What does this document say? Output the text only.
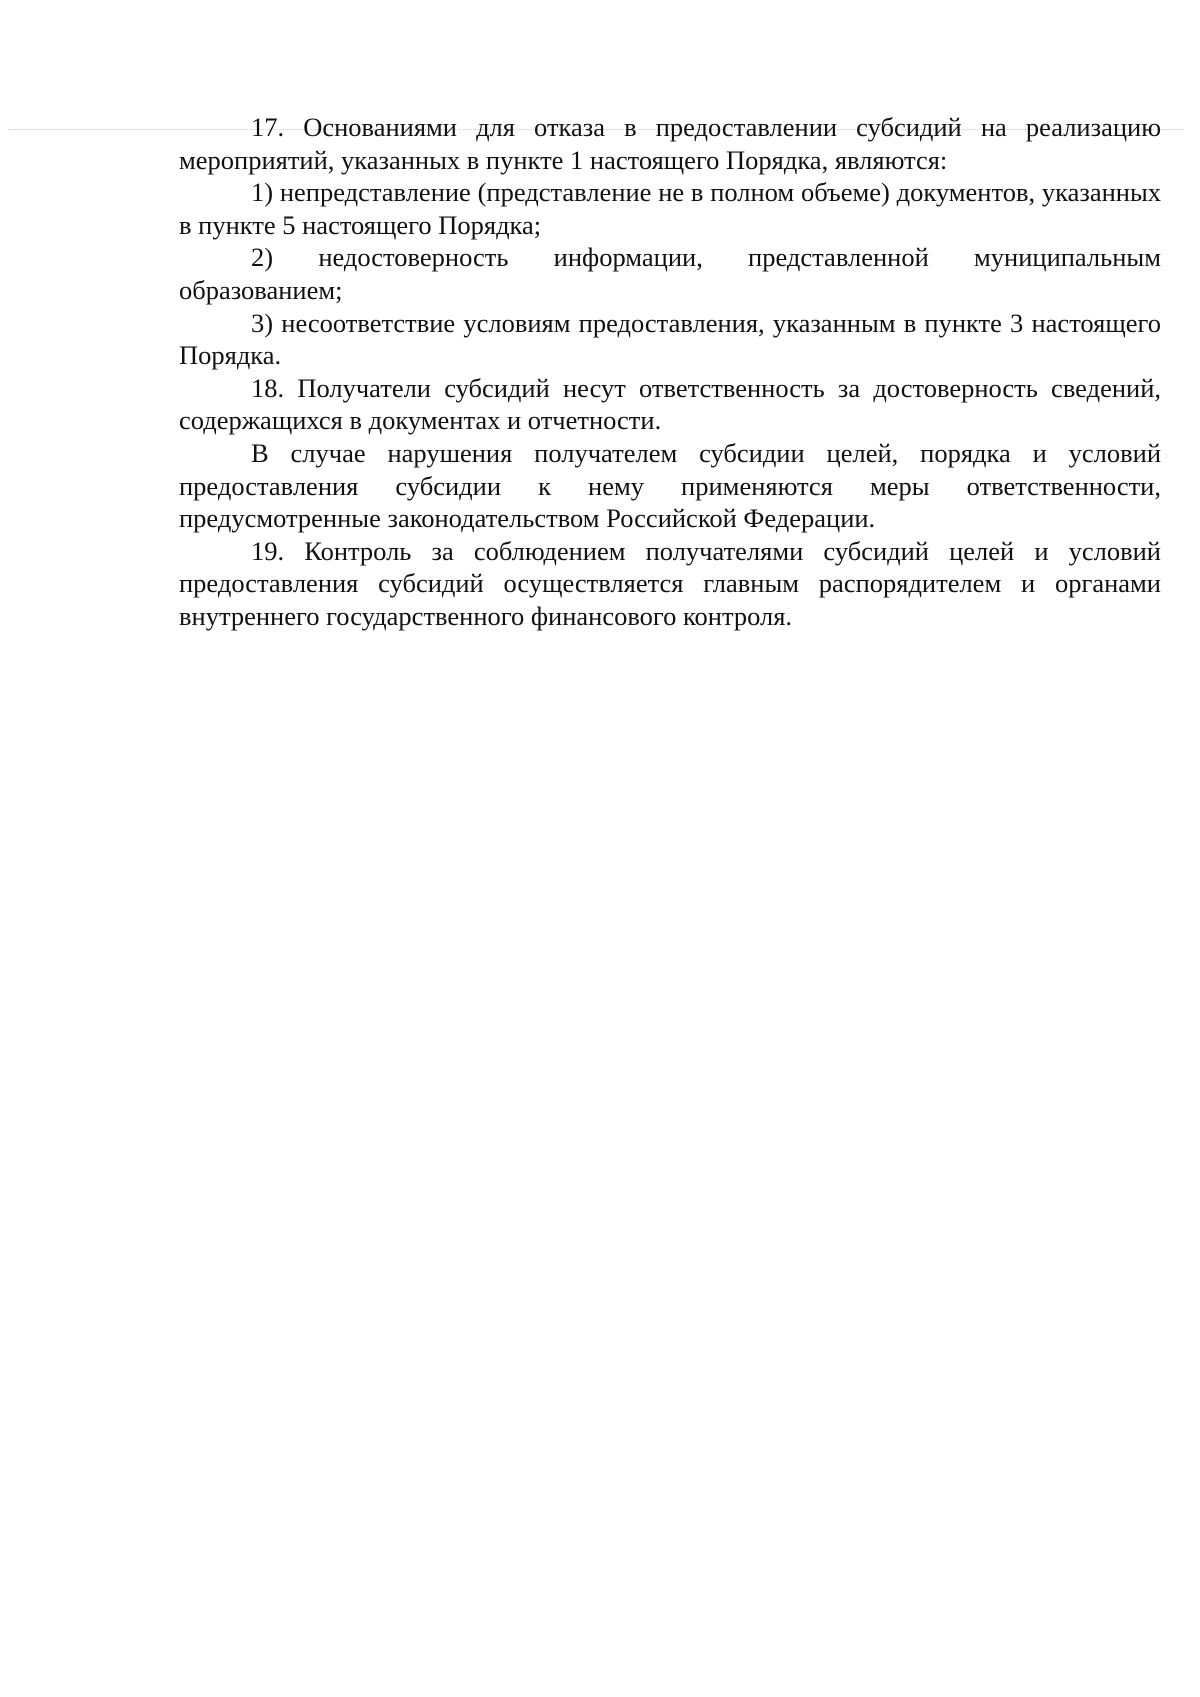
17. Основаниями для отказа в предоставлении субсидий на реализацию мероприятий, указанных в пункте 1 настоящего Порядка, являются:

1) непредставление (представление не в полном объеме) документов, указанных в пункте 5 настоящего Порядка;

2) недостоверность информации, представленной муниципальным образованием;

3) несоответствие условиям предоставления, указанным в пункте 3 настоящего Порядка.

18. Получатели субсидий несут ответственность за достоверность сведений, содержащихся в документах и отчетности.

В случае нарушения получателем субсидии целей, порядка и условий предоставления субсидии к нему применяются меры ответственности, предусмотренные законодательством Российской Федерации.

19. Контроль за соблюдением получателями субсидий целей и условий предоставления субсидий осуществляется главным распорядителем и органами внутреннего государственного финансового контроля.
